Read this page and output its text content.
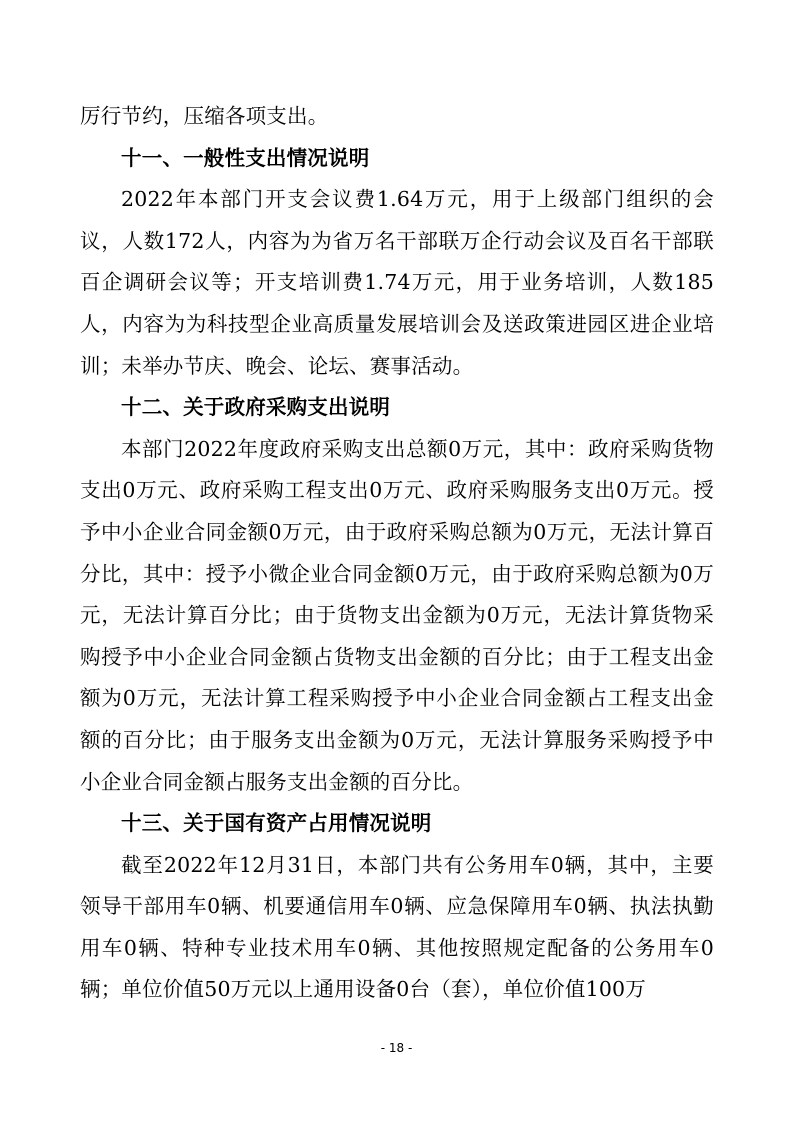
厉行节约，压缩各项支出。

十一、一般性支出情况说明

2022年本部门开支会议费1.64万元，用于上级部门组织的会议，人数172人，内容为为省万名干部联万企行动会议及百名干部联百企调研会议等；开支培训费1.74万元，用于业务培训，人数185人，内容为为科技型企业高质量发展培训会及送政策进园区进企业培训；未举办节庆、晚会、论坛、赛事活动。

十二、关于政府采购支出说明

本部门2022年度政府采购支出总额0万元，其中：政府采购货物支出0万元、政府采购工程支出0万元、政府采购服务支出0万元。授予中小企业合同金额0万元，由于政府采购总额为0万元，无法计算百分比，其中：授予小微企业合同金额0万元，由于政府采购总额为0万元，无法计算百分比；由于货物支出金额为0万元，无法计算货物采购授予中小企业合同金额占货物支出金额的百分比；由于工程支出金额为0万元，无法计算工程采购授予中小企业合同金额占工程支出金额的百分比；由于服务支出金额为0万元，无法计算服务采购授予中小企业合同金额占服务支出金额的百分比。

十三、关于国有资产占用情况说明

截至2022年12月31日，本部门共有公务用车0辆，其中，主要领导干部用车0辆、机要通信用车0辆、应急保障用车0辆、执法执勤用车0辆、特种专业技术用车0辆、其他按照规定配备的公务用车0辆；单位价值50万元以上通用设备0台（套），单位价值100万

- 18 -
